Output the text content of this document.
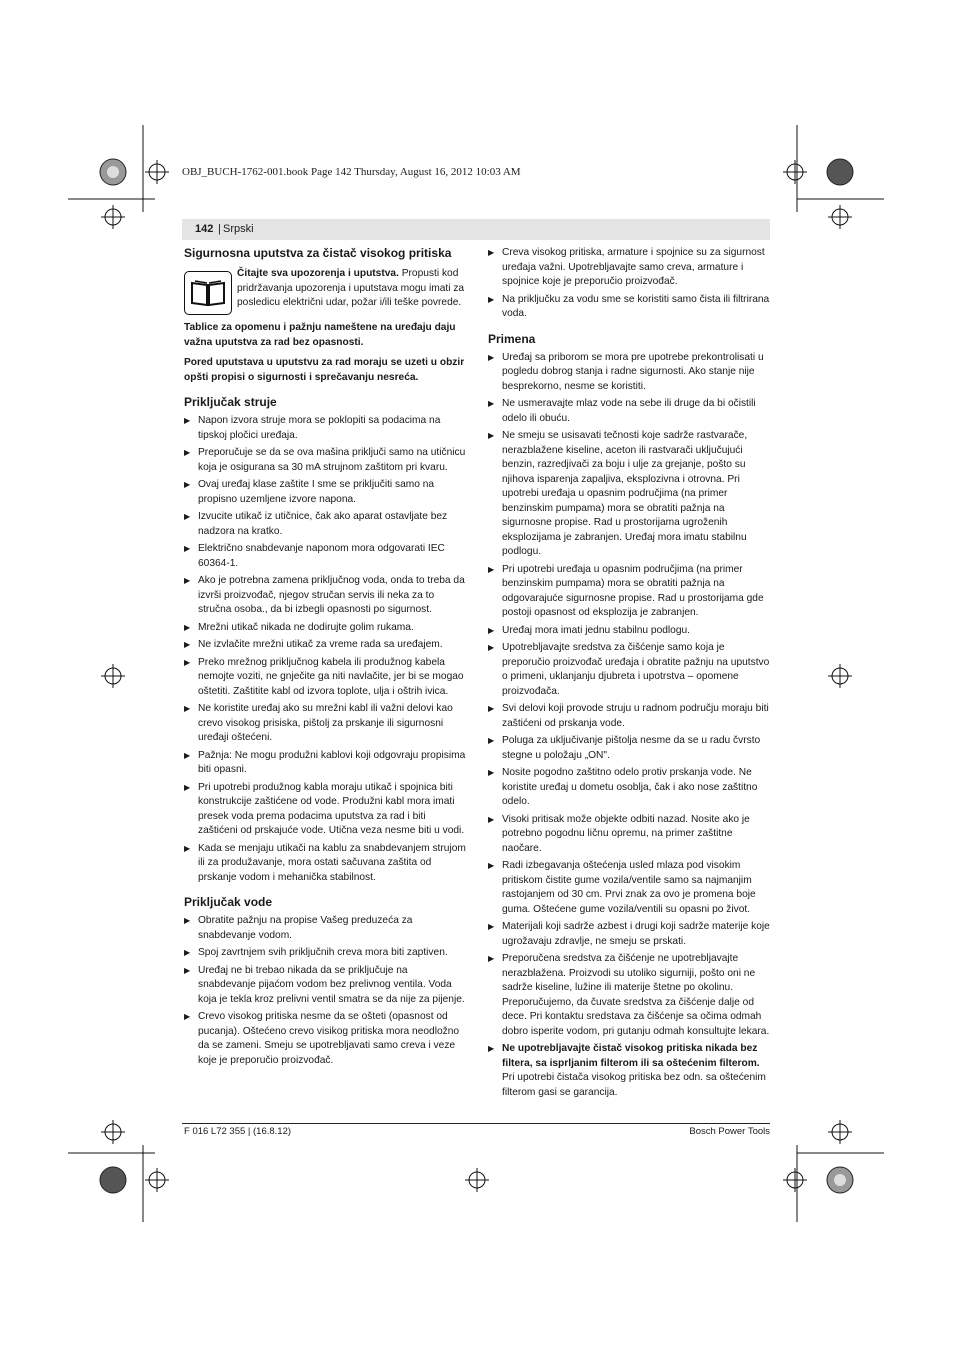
OBJ_BUCH-1762-001.book Page 142 Thursday, August 16, 2012 10:03 AM
142 | Srpski
Sigurnosna uputstva za čistač visokog pritiska
Čitajte sva upozorenja i uputstva. Propusti kod pridržavanja upozorenja i uputstava mogu imati za posledicu električni udar, požar i/ili teške povrede.

Tablice za opomenu i pažnju nameštene na uređaju daju važna uputstva za rad bez opasnosti.

Pored uputstava u uputstvu za rad moraju se uzeti u obzir opšti propisi o sigurnosti i sprečavanju nesreća.

Priključak struje
▶ Napon izvora struje mora se poklopiti sa podacima na tipskoj pločici uređaja.
▶ Preporučuje se da se ova mašina priključi samo na utičnicu koja je osigurana sa 30 mA strujnom zaštitom pri kvaru.
▶ Ovaj uređaj klase zaštite I sme se priključiti samo na propisno uzemljene izvore napona.
▶ Izvucite utikač iz utičnice, čak ako aparat ostavljate bez nadzora na kratko.
▶ Električno snabdevanje naponom mora odgovarati IEC 60364-1.
▶ Ako je potrebna zamena priključnog voda, onda to treba da izvrši proizvođač, njegov stručan servis ili neka za to stručna osoba., da bi izbegli opasnosti po sigurnost.
▶ Mrežni utikač nikada ne dodirujte golim rukama.
▶ Ne izvlačite mrežni utikač za vreme rada sa uređajem.
▶ Preko mrežnog priključnog kabela ili produžnog kabela nemojte voziti, ne gnječite ga niti navlačite, jer bi se mogao oštetiti. Zaštitite kabl od izvora toplote, ulja i oštrih ivica.
▶ Ne koristite uređaj ako su mrežni kabl ili važni delovi kao crevo visokog prisiska, pištolj za prskanje ili sigurnosni uređaji oštećeni.
▶ Pažnja: Ne mogu produžni kablovi koji odgovraju propisima biti opasni.
▶ Pri upotrebi produžnog kabla moraju utikač i spojnica biti konstrukcije zaštićene od vode. Produžni kabl mora imati presek voda prema podacima uputstva za rad i biti zaštićeni od prskajuće vode. Utična veza nesme biti u vodi.
▶ Kada se menjaju utikači na kablu za snabdevanjem strujom ili za produžavanje, mora ostati sačuvana zaštita od prskanje vodom i mehanička stabilnost.
Priključak vode
▶ Obratite pažnju na propise Vašeg preduzeća za snabdevanje vodom.
▶ Spoj zavrtnjem svih priključnih creva mora biti zaptiven.
▶ Uređaj ne bi trebao nikada da se priključuje na snabdevanje pijaćom vodom bez prelivnog ventila. Voda koja je tekla kroz prelivni ventil smatra se da nije za pijenje.
▶ Crevo visokog pritiska nesme da se ošteti (opasnost od pucanja). Oštećeno crevo visikog pritiska mora neodložno da se zameni. Smeju se upotrebljavati samo creva i veze koje je preporučio proizvođač.
▶ Creva visokog pritiska, armature i spojnice su za sigurnost uređaja važni. Upotrebljavajte samo creva, armature i spojnice koje je preporučio proizvođač.
▶ Na priključku za vodu sme se koristiti samo čista ili filtrirana voda.
Primena
▶ Uređaj sa priborom se mora pre upotrebe prekontrolisati u pogledu dobrog stanja i radne sigurnosti. Ako stanje nije besprekorno, nesme se koristiti.
▶ Ne usmeravajte mlaz vode na sebe ili druge da bi očistili odelo ili obuću.
▶ Ne smeju se usisavati tečnosti koje sadrže rastvarače, nerazblažene kiseline, aceton ili rastvarači uključujući benzin, razredjivači za boju i ulje za grejanje, pošto su njihova isparenja zapaljiva, eksplozivna i otrovna. Pri upotrebi uređaja u opasnim područjima (na primer benzinskim pumpama) mora se obratiti pažnja na sigurnosne propise. Rad u prostorijama ugroženih eksplozijama je zabranjen. Uređaj mora imatu stabilnu podlogu.
▶ Pri upotrebi uređaja u opasnim područjima (na primer benzinskim pumpama) mora se obratiti pažnja na odgovarajuće sigurnosne propise. Rad u prostorijama gde postoji opasnost od eksplozija je zabranjen.
▶ Uređaj mora imati jednu stabilnu podlogu.
▶ Upotrebljavajte sredstva za čišćenje samo koja je preporučio proizvođač uređaja i obratite pažnju na uputstvo o primeni, uklanjanju djubreta i upotrstva – opomene proizvođača.
▶ Svi delovi koji provode struju u radnom području moraju biti zaštićeni od prskanja vode.
▶ Poluga za uključivanje pištolja nesme da se u radu čvrsto stegne u položaju „ON".
▶ Nosite pogodno zaštitno odelo protiv prskanja vode. Ne koristite uređaj u dometu osoblja, čak i ako nose zaštitno odelo.
▶ Visoki pritisak može objekte odbiti nazad. Nosite ako je potrebno pogodnu ličnu opremu, na primer zaštitne naočare.
▶ Radi izbegavanja oštećenja usled mlaza pod visokim pritiskom čistite gume vozila/ventile samo sa najmanjim rastojanjem od 30 cm. Prvi znak za ovo je promena boje guma. Oštećene gume vozila/ventili su opasni po život.
▶ Materijali koji sadrže azbest i drugi koji sadrže materije koje ugrožavaju zdravlje, ne smeju se prskati.
▶ Preporučena sredstva za čišćenje ne upotrebljavajte nerazblažena. Proizvodi su utoliko sigurniji, pošto oni ne sadrže kiseline, lužine ili materije štetne po okolinu. Preporučujemo, da čuvate sredstva za čišćenje dalje od dece. Pri kontaktu sredstava za čišćenje sa očima odmah dobro isperite vodom, pri gutanju odmah konsultujte lekara.
▶ Ne upotrebljavajte čistač visokog pritiska nikada bez filtera, sa isprljanim filterom ili sa oštećenim filterom.
Pri upotrebi čistača visokog pritiska bez odn. sa oštećenim filterom gasi se garancija.
F 016 L72 355 | (16.8.12)	Bosch Power Tools
